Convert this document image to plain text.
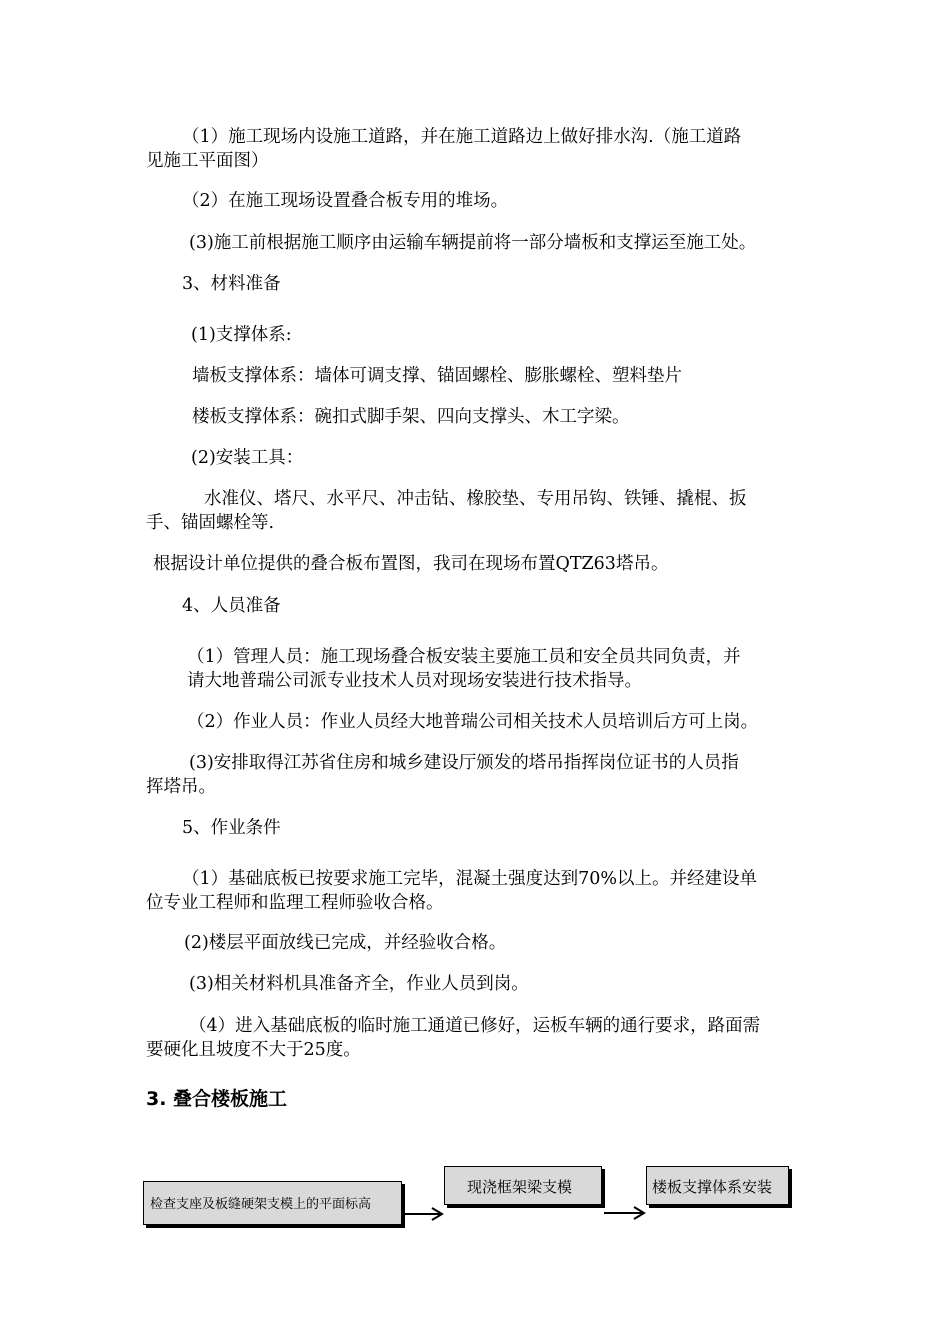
（1）施工现场内设施工道路，并在施工道路边上做好排水沟.（施工道路
见施工平面图）
（2）在施工现场设置叠合板专用的堆场。
(3)施工前根据施工顺序由运输车辆提前将一部分墙板和支撑运至施工处。
3、材料准备
(1)支撑体系:
墙板支撑体系：墙体可调支撑、锚固螺栓、膨胀螺栓、塑料垫片
楼板支撑体系：碗扣式脚手架、四向支撑头、木工字梁。
(2)安装工具：
水准仪、塔尺、水平尺、冲击钻、橡胶垫、专用吊钩、铁锤、撬棍、扳
手、锚固螺栓等.
根据设计单位提供的叠合板布置图，我司在现场布置QTZ63塔吊。
4、人员准备
（1）管理人员：施工现场叠合板安装主要施工员和安全员共同负责，并
请大地普瑞公司派专业技术人员对现场安装进行技术指导。
（2）作业人员：作业人员经大地普瑞公司相关技术人员培训后方可上岗。
(3)安排取得江苏省住房和城乡建设厅颁发的塔吊指挥岗位证书的人员指
挥塔吊。
5、作业条件
（1）基础底板已按要求施工完毕，混凝土强度达到70%以上。并经建设单
位专业工程师和监理工程师验收合格。
(2)楼层平面放线已完成，并经验收合格。
(3)相关材料机具准备齐全，作业人员到岗。
（4）进入基础底板的临时施工通道已修好，运板车辆的通行要求，路面需
要硬化且坡度不大于25度。
3. 叠合楼板施工
检查支座及板缝硬架支模上的平面标高
现浇框架梁支模	楼板支撑体系安装
